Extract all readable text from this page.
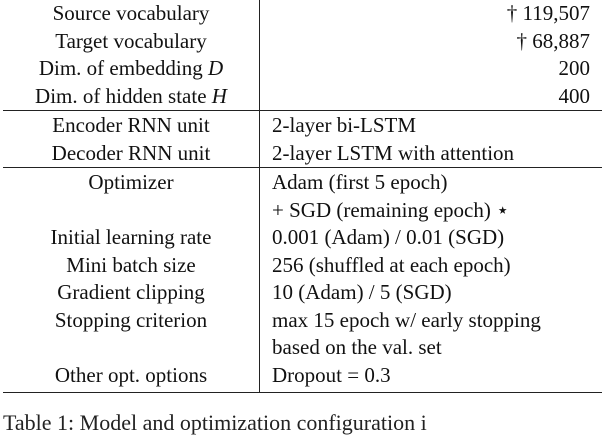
Source vocabulary	† 119,507
Target vocabulary	† 68,887
Dim. of embedding D	200
Dim. of hidden state H	400
Encoder RNN unit	2-layer bi-LSTM
Decoder RNN unit	2-layer LSTM with attention
Optimizer	Adam (first 5 epoch)
	+ SGD (remaining epoch) ⋆
Initial learning rate	0.001 (Adam) / 0.01 (SGD)
Mini batch size	256 (shuffled at each epoch)
Gradient clipping	10 (Adam) / 5 (SGD)
Stopping criterion	max 15 epoch w/ early stopping
	based on the val. set
Other opt. options	Dropout = 0.3
Table 1: Model and optimization configuration i
